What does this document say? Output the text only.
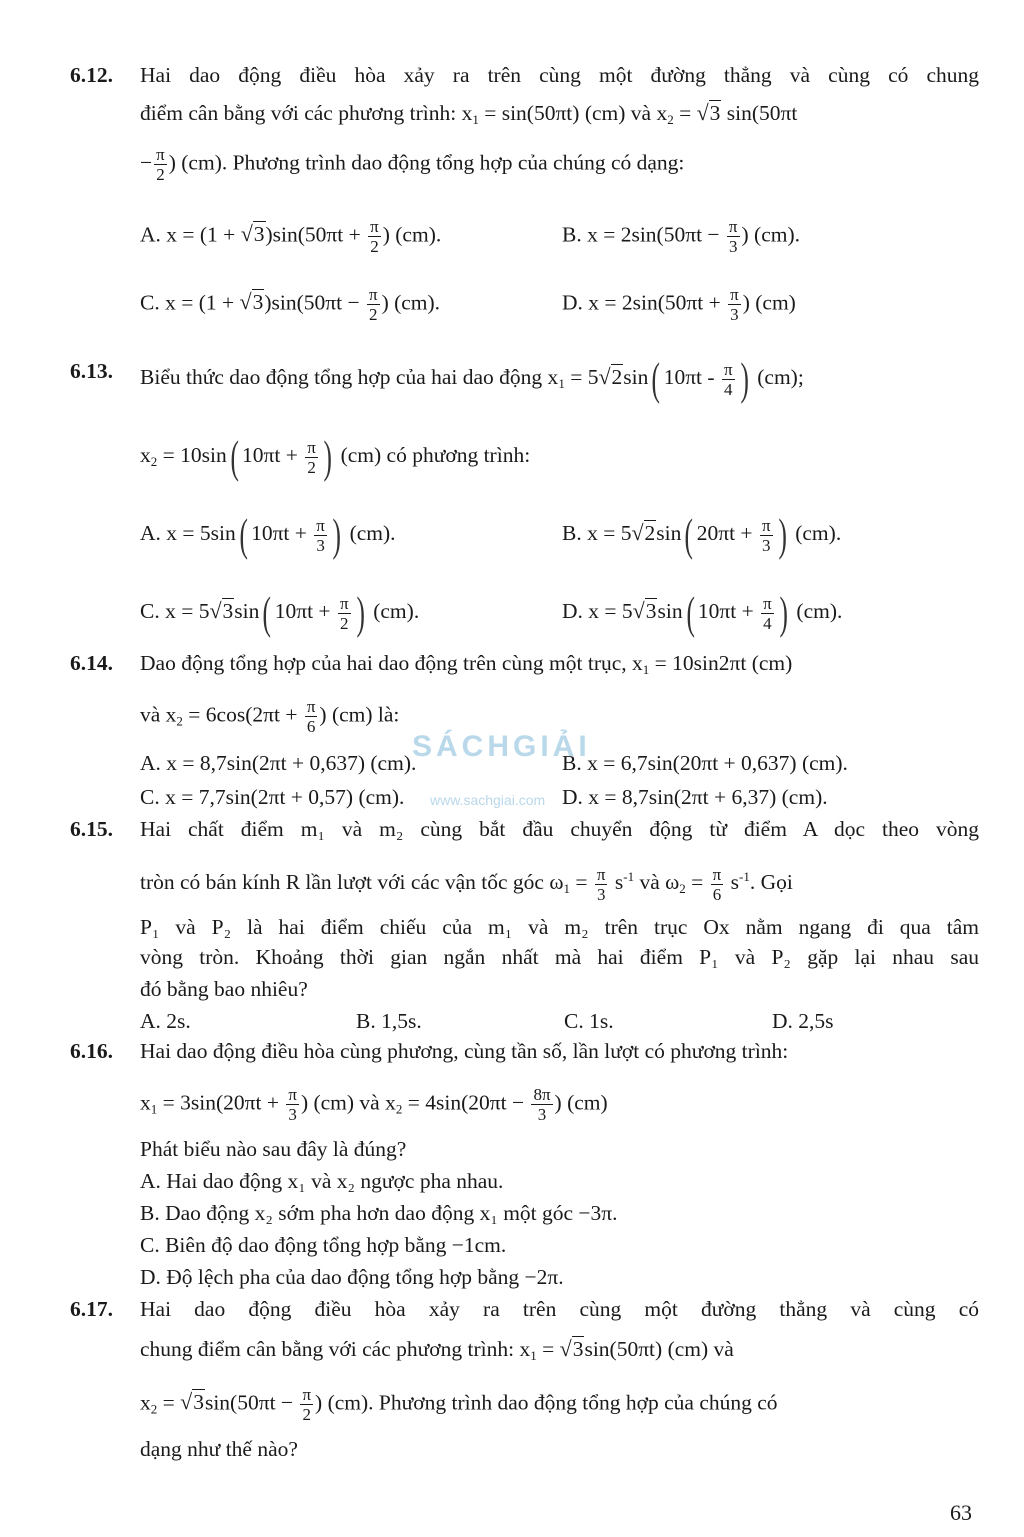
6.12. Hai dao động điều hòa xảy ra trên cùng một đường thẳng và cùng có chung
điểm cân bằng với các phương trình: $x_1 = \sin(50\pi t)$ (cm) và $x_2 = √3$ sin(50πt
− $\frac{\pi}{2}$ ) (cm). Phương trình dao động tổng hợp của chúng có dạng:
A. $x = (1 + √3)\sin(50\pi t + \frac{\pi}{2}$ ) (cm).	B. $x = 2\sin(50\pi t - \frac{\pi}{3}$ ) (cm).
C. $x = (1 + √3)\sin(50\pi t - \frac{\pi}{2}$ ) (cm).	D. $x = 2\sin(50\pi t + \frac{\pi}{3}$ ) (cm)
6.13. Biểu thức dao động tổng hợp của hai dao động $x_1 = 5√2\sin$( $10\pi t - \frac{\pi}{4}$ ) (cm);
$x_2 = 10\sin$( $10\pi t + \frac{\pi}{2}$ ) (cm) có phương trình:
A. x = 5sin( $10\pi t + \frac{\pi}{3}$ ) (cm).	B. x = 5√2sin( $20\pi t + \frac{\pi}{3}$ ) (cm).
C. x = 5√3sin( $10\pi t + \frac{\pi}{2}$ ) (cm).	D. x = 5√3sin( $10\pi t + \frac{\pi}{4}$ ) (cm).
6.14. Dao động tổng hợp của hai dao động trên cùng một trục, $x_1 = 10\sin 2\pi t$ (cm)
và $x_2 = 6\cos(2\pi t + \frac{\pi}{6}$ ) (cm) là:
A. x = 8,7sin(2πt + 0,637) (cm).	B. x = 6,7sin(20πt + 0,637) (cm).
C. x = 7,7sin(2πt + 0,57) (cm).	D. x = 8,7sin(2πt + 6,37) (cm).
SÁCHGIẢI
www.sachgiai.com
6.15. Hai chất điểm m₁ và m₂ cùng bắt đầu chuyển động từ điểm A dọc theo vòng
tròn có bán kính R lần lượt với các vận tốc góc $\omega_1 = \frac{\pi}{3} s^{-1}$ và $\omega_2 = \frac{\pi}{6} s^{-1}$. Gọi
P₁ và P₂ là hai điểm chiếu của m₁ và m₂ trên trục Ox nằm ngang đi qua tâm
vòng tròn. Khoảng thời gian ngắn nhất mà hai điểm P₁ và P₂ gặp lại nhau sau
đó bằng bao nhiêu?
A. 2s.	B. 1,5s.	C. 1s.	D. 2,5s
6.16. Hai dao động điều hòa cùng phương, cùng tần số, lần lượt có phương trình:
$x_1 = 3\sin(20\pi t + \frac{\pi}{3}$ ) (cm) và $x_2 = 4\sin(20\pi t - \frac{8\pi}{3}$ ) (cm)
Phát biểu nào sau đây là đúng?
A. Hai dao động x₁ và x₂ ngược pha nhau.
B. Dao động x₂ sớm pha hơn dao động x₁ một góc −3π.
C. Biên độ dao động tổng hợp bằng −1cm.
D. Độ lệch pha của dao động tổng hợp bằng −2π.
6.17. Hai dao động điều hòa xảy ra trên cùng một đường thẳng và cùng có
chung điểm cân bằng với các phương trình: $x_1 = √3\sin(50\pi t)$ (cm) và
$x_2 = √3\sin(50\pi t - \frac{\pi}{2}$ ) (cm). Phương trình dao động tổng hợp của chúng có
dạng như thế nào?
63
